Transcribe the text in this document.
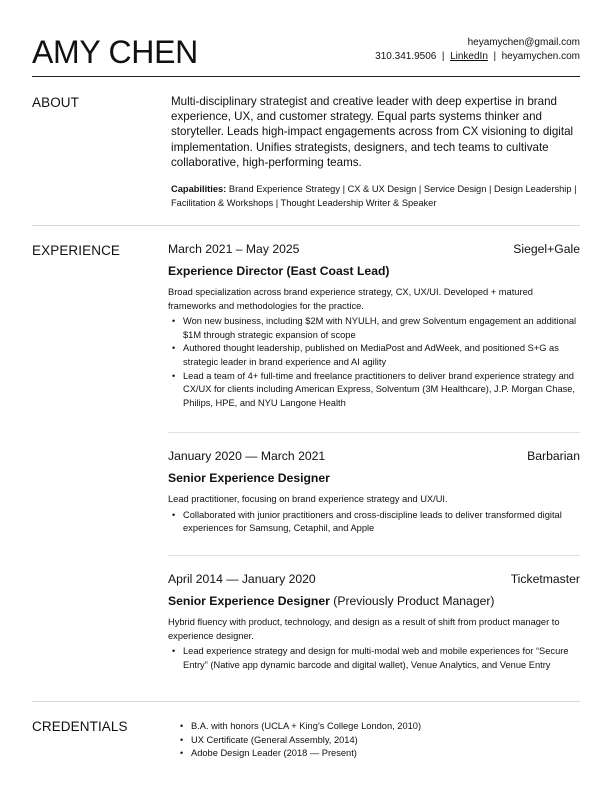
AMY CHEN	heyamychen@gmail.com
310.341.9506 | LinkedIn | heyamychen.com
ABOUT	Multi-disciplinary strategist and creative leader with deep expertise in brand experience, UX, and customer strategy. Equal parts systems thinker and storyteller. Leads high-impact engagements across from CX visioning to digital implementation. Unifies strategists, designers, and tech teams to cultivate collaborative, high-performing teams.
Capabilities: Brand Experience Strategy | CX & UX Design | Service Design | Design Leadership | Facilitation & Workshops | Thought Leadership Writer & Speaker
EXPERIENCE	March 2021 – May 2025	Siegel+Gale
Experience Director (East Coast Lead)
Broad specialization across brand experience strategy, CX, UX/UI. Developed + matured frameworks and methodologies for the practice.
• Won new business, including $2M with NYULH, and grew Solventum engagement an additional $1M through strategic expansion of scope
• Authored thought leadership, published on MediaPost and AdWeek, and positioned S+G as strategic leader in brand experience and AI agility
• Lead a team of 4+ full-time and freelance practitioners to deliver brand experience strategy and CX/UX for clients including American Express, Solventum (3M Healthcare), J.P. Morgan Chase, Philips, HPE, and NYU Langone Health
January 2020 — March 2021	Barbarian
Senior Experience Designer
Lead practitioner, focusing on brand experience strategy and UX/UI.
• Collaborated with junior practitioners and cross-discipline leads to deliver transformed digital experiences for Samsung, Cetaphil, and Apple
April 2014 — January 2020	Ticketmaster
Senior Experience Designer (Previously Product Manager)
Hybrid fluency with product, technology, and design as a result of shift from product manager to experience designer.
• Lead experience strategy and design for multi-modal web and mobile experiences for “Secure Entry” (Native app dynamic barcode and digital wallet), Venue Analytics, and Venue Entry
CREDENTIALS	• B.A. with honors (UCLA + King’s College London, 2010)
• UX Certificate (General Assembly, 2014)
• Adobe Design Leader (2018 — Present)
